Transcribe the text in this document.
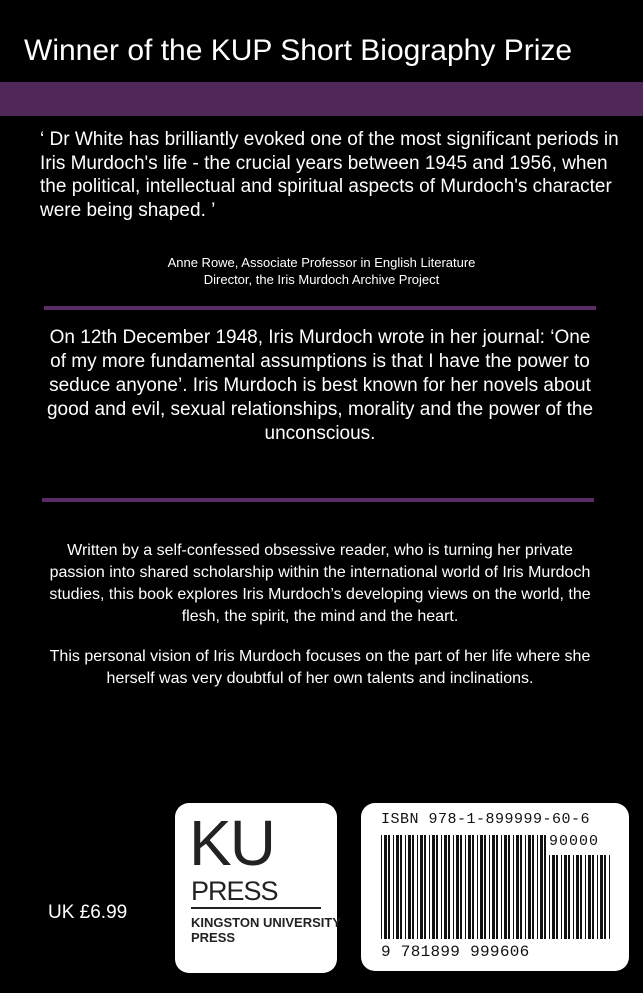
Winner of the KUP Short Biography Prize

‘ Dr White has brilliantly evoked one of the most significant periods in Iris Murdoch's life - the crucial years between 1945 and 1956, when the political, intellectual and spiritual aspects of Murdoch's character were being shaped. ’

Anne Rowe, Associate Professor in English Literature
Director, the Iris Murdoch Archive Project
On 12th December 1948, Iris Murdoch wrote in her journal: ‘One of my more fundamental assumptions is that I have the power to seduce anyone’. Iris Murdoch is best known for her novels about good and evil, sexual relationships, morality and the power of the unconscious.

Written by a self-confessed obsessive reader, who is turning her private passion into shared scholarship within the international world of Iris Murdoch studies, this book explores Iris Murdoch’s developing views on the world, the flesh, the spirit, the mind and the heart.

This personal vision of Iris Murdoch focuses on the part of her life where she herself was very doubtful of her own talents and inclinations.

KU
PRESS
KINGSTON UNIVERSITY
PRESS
ISBN 978-1-899999-60-6
90000
9 781899 999606
UK £6.99
